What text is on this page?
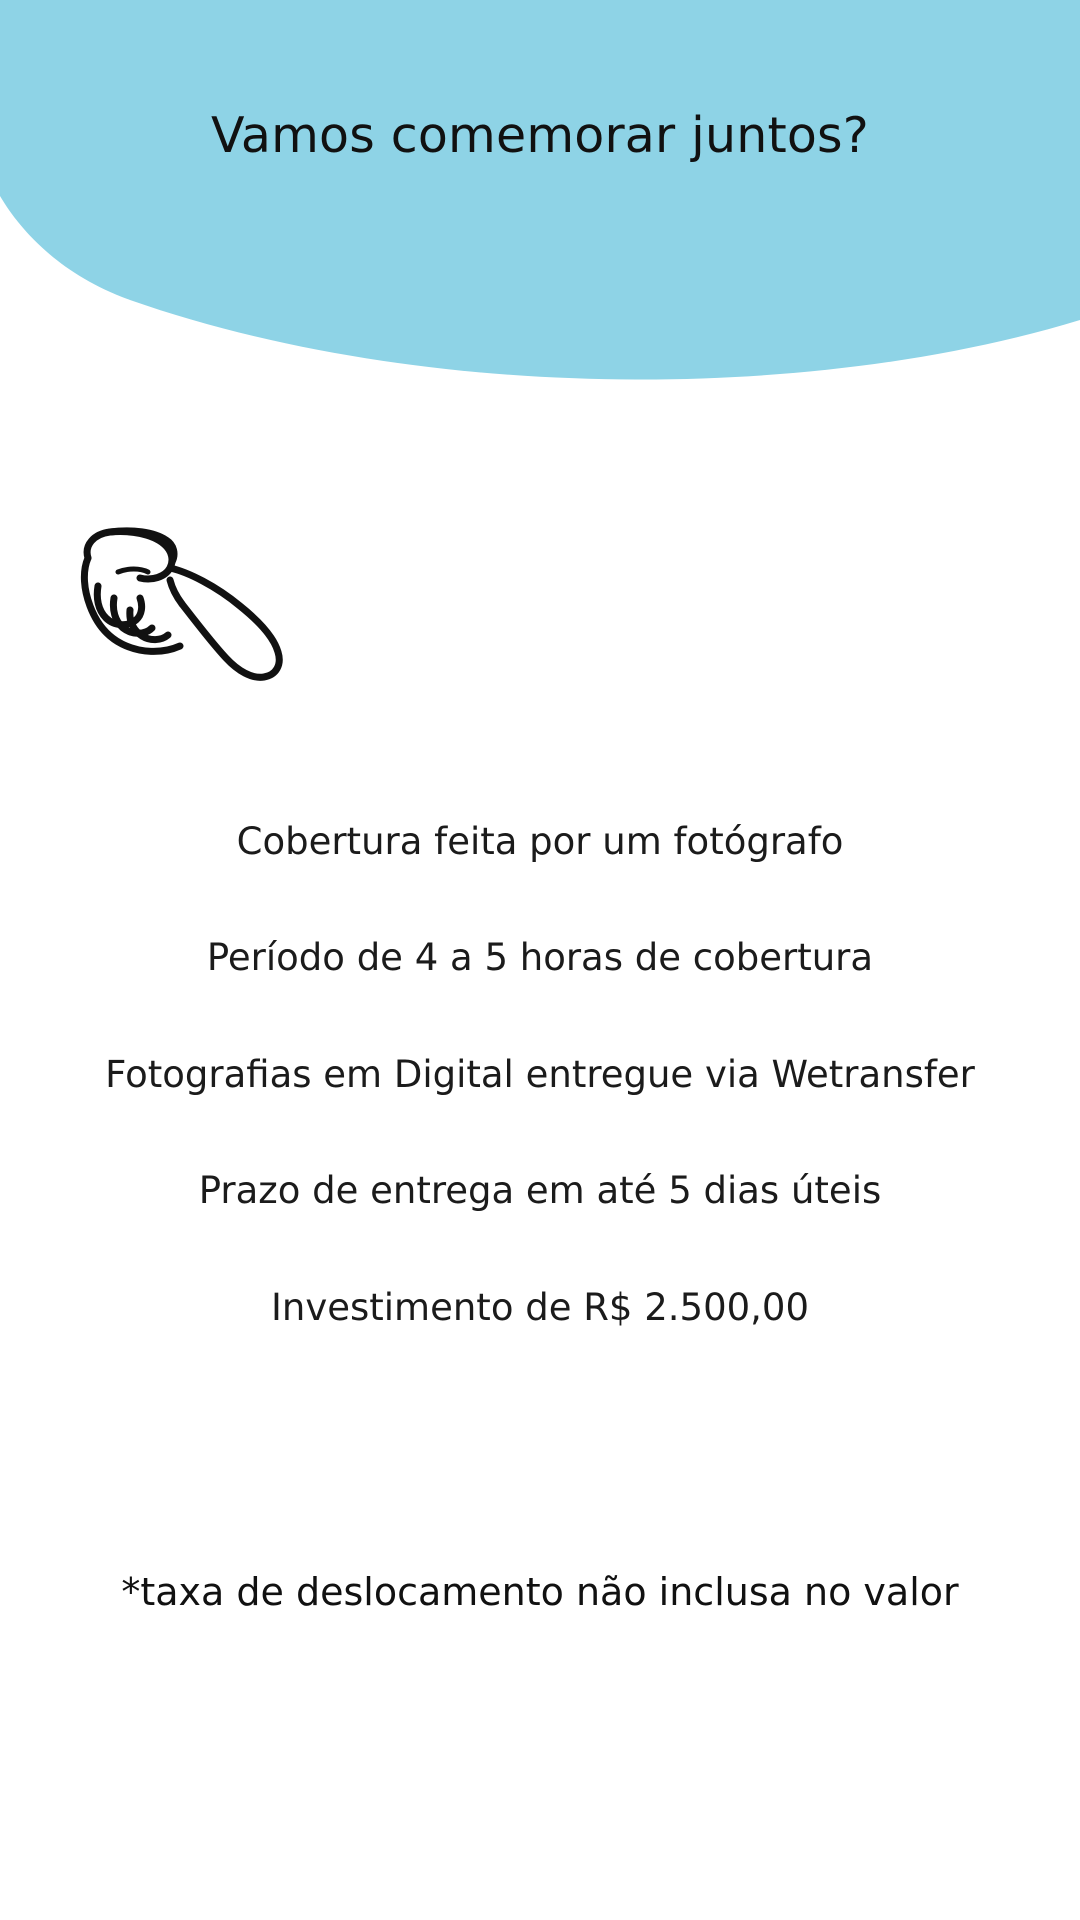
Vamos comemorar juntos?
Cobertura feita por um fotógrafo
Período de 4 a 5 horas de cobertura
Fotografias em Digital entregue via Wetransfer
Prazo de entrega em até 5 dias úteis
Investimento de R$ 2.500,00
*taxa de deslocamento não inclusa no valor
